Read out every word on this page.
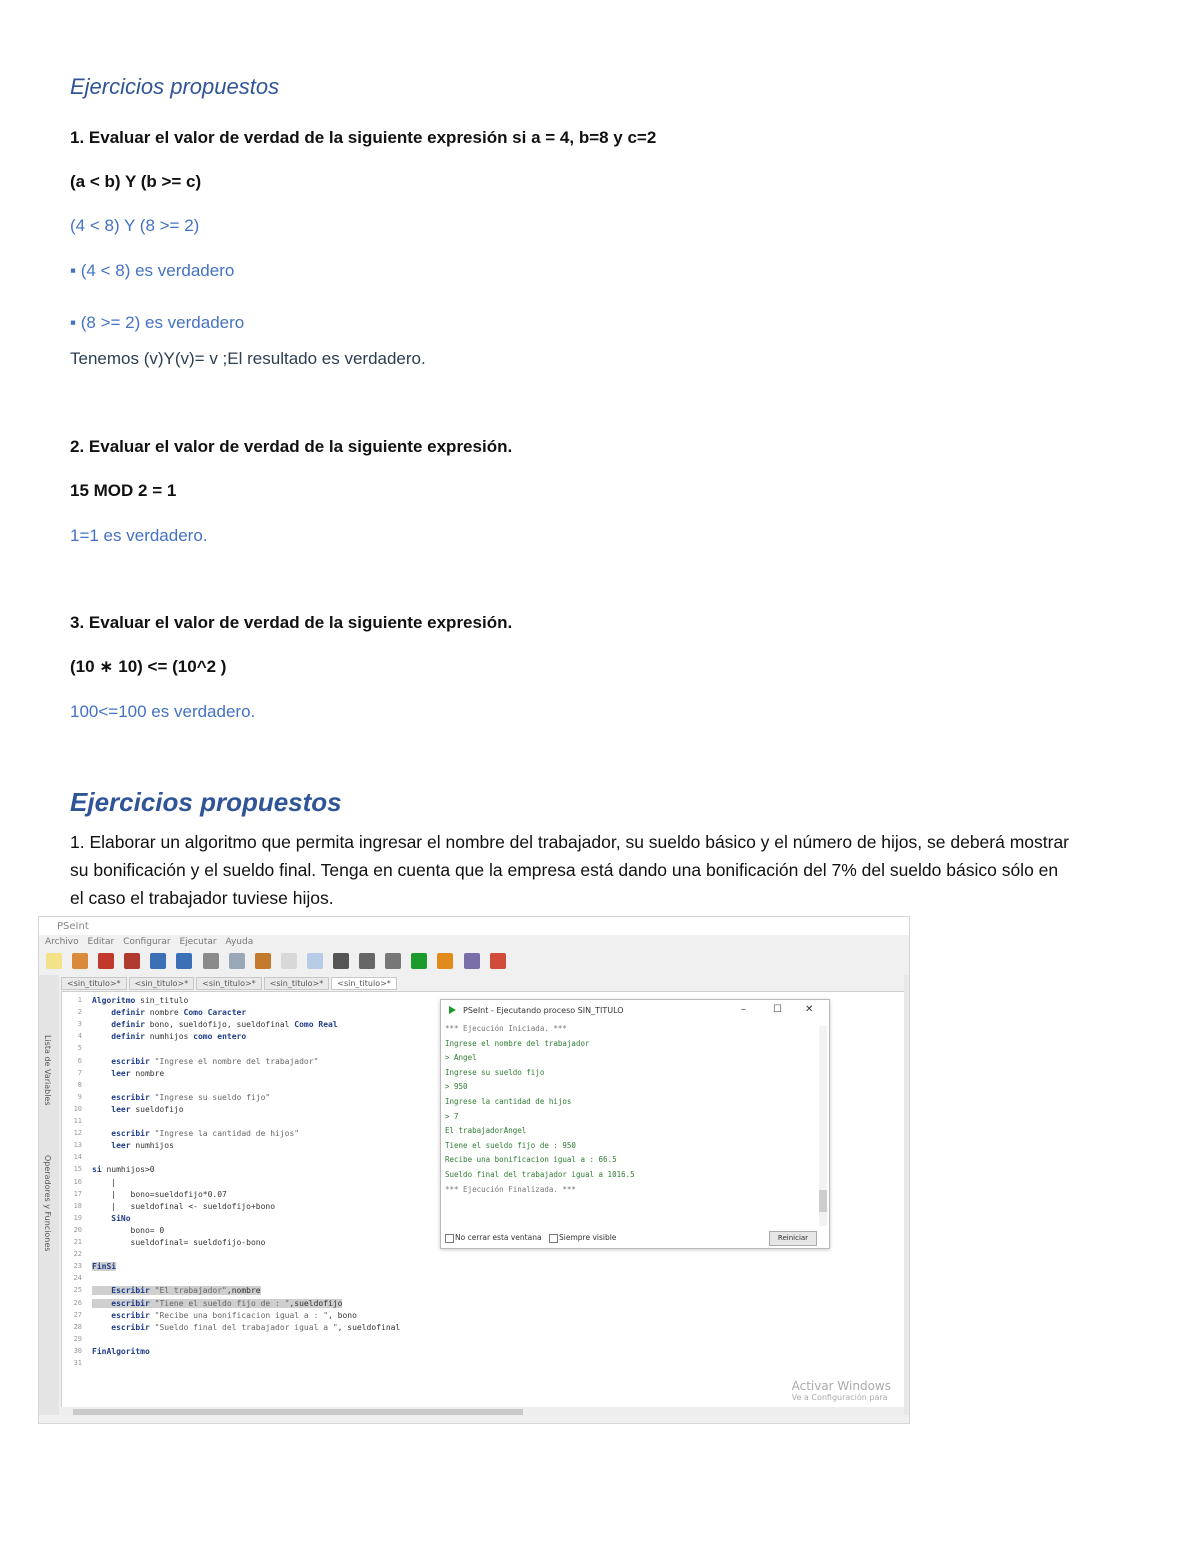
Ejercicios propuestos
1. Evaluar el valor de verdad de la siguiente expresión si a = 4, b=8 y c=2
(a < b) Y (b >= c)
(4 < 8) Y (8 >= 2)
▪ (4 < 8) es verdadero
▪ (8 >= 2) es verdadero
Tenemos (v)Y(v)= v ;El resultado es verdadero.
2. Evaluar el valor de verdad de la siguiente expresión.
15 MOD 2 = 1
1=1 es verdadero.
3. Evaluar el valor de verdad de la siguiente expresión.
(10 ∗ 10) <= (10^2 )
100<=100 es verdadero.
Ejercicios propuestos
1. Elaborar un algoritmo que permita ingresar el nombre del trabajador, su sueldo básico y el número de hijos, se deberá mostrar su bonificación y el sueldo final. Tenga en cuenta que la empresa está dando una bonificación del 7% del sueldo básico sólo en el caso el trabajador tuviese hijos.
PSeInt
Archivo Editar Configurar Ejecutar Ayuda

Lista de Variables
Operadores y Funciones
<sin_titulo>* <sin_titulo>* <sin_titulo>* <sin_titulo>* <sin_titulo>*
1
2
3
4
5
6
7
8
9
10
11
12
13
14
15
16
17
18
19
20
21
22
23
24
25
26
27
28
29
30
31
Algoritmo sin_titulo
definir nombre Como Caracter
definir bono, sueldofijo, sueldofinal Como Real
definir numhijos como entero
escribir "Ingrese el nombre del trabajador"
leer nombre
escribir "Ingrese su sueldo fijo"
leer sueldofijo
escribir "Ingrese la cantidad de hijos"
leer numhijos
si numhijos>0
|
|   bono=sueldofijo*0.07
|   sueldofinal <- sueldofijo+bono
SiNo
bono= 0
sueldofinal= sueldofijo-bono
FinSi
Escribir "El trabajador",nombre
escribir "Tiene el sueldo fijo de : ",sueldofijo
escribir "Recibe una bonificacion igual a : ", bono
escribir "Sueldo final del trabajador igual a ", sueldofinal
FinAlgoritmo
Activar Windows
Ve a Configuración para
PSeInt - Ejecutando proceso SIN_TITULO	–	☐ ✕
*** Ejecución Iniciada. ***
Ingrese el nombre del trabajador
> Angel
Ingrese su sueldo fijo
> 950
Ingrese la cantidad de hijos
> 7
El trabajadorAngel
Tiene el sueldo fijo de : 950
Recibe una bonificacion igual a : 66.5
Sueldo final del trabajador igual a 1016.5
*** Ejecución Finalizada. ***
No cerrar esta ventana Siempre visible	Reiniciar
